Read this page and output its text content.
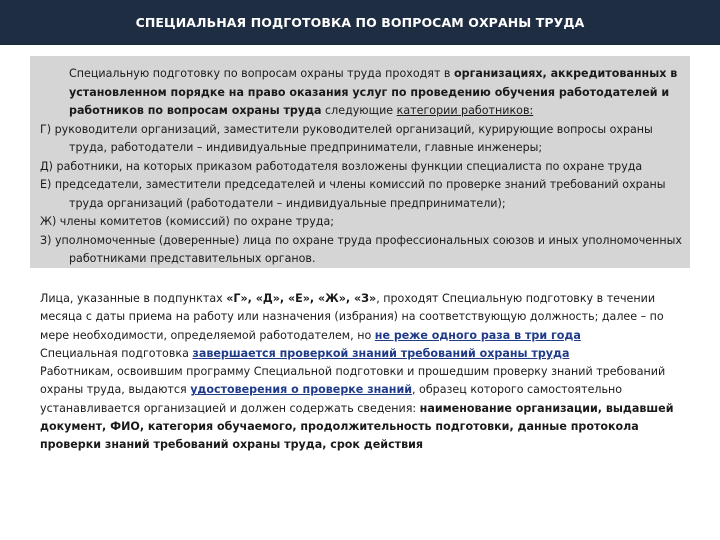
СПЕЦИАЛЬНАЯ ПОДГОТОВКА ПО ВОПРОСАМ ОХРАНЫ ТРУДА
Специальную подготовку по вопросам охраны труда проходят в организациях, аккредитованных в установленном порядке на право оказания услуг по проведению обучения работодателей и работников по вопросам охраны труда следующие категории работников:
Г) руководители организаций, заместители руководителей организаций, курирующие вопросы охраны труда, работодатели – индивидуальные предприниматели, главные инженеры;
Д) работники, на которых приказом работодателя возложены функции специалиста по охране труда
Е) председатели, заместители председателей и члены комиссий по проверке знаний требований охраны труда организаций (работодатели – индивидуальные предприниматели);
Ж) члены комитетов (комиссий) по охране труда;
З) уполномоченные (доверенные) лица по охране труда профессиональных союзов и иных уполномоченных работниками представительных органов.

Лица, указанные в подпунктах «Г», «Д», «Е», «Ж», «З», проходят Специальную подготовку в течении месяца с даты приема на работу или назначения (избрания) на соответствующую должность; далее – по мере необходимости, определяемой работодателем, но не реже одного раза в три года

Специальная подготовка завершается проверкой знаний требований охраны труда

Работникам, освоившим программу Специальной подготовки и прошедшим проверку знаний требований охраны труда, выдаются удостоверения о проверке знаний, образец которого самостоятельно устанавливается организацией и должен содержать сведения: наименование организации, выдавшей документ, ФИО, категория обучаемого, продолжительность подготовки, данные протокола проверки знаний требований охраны труда, срок действия
